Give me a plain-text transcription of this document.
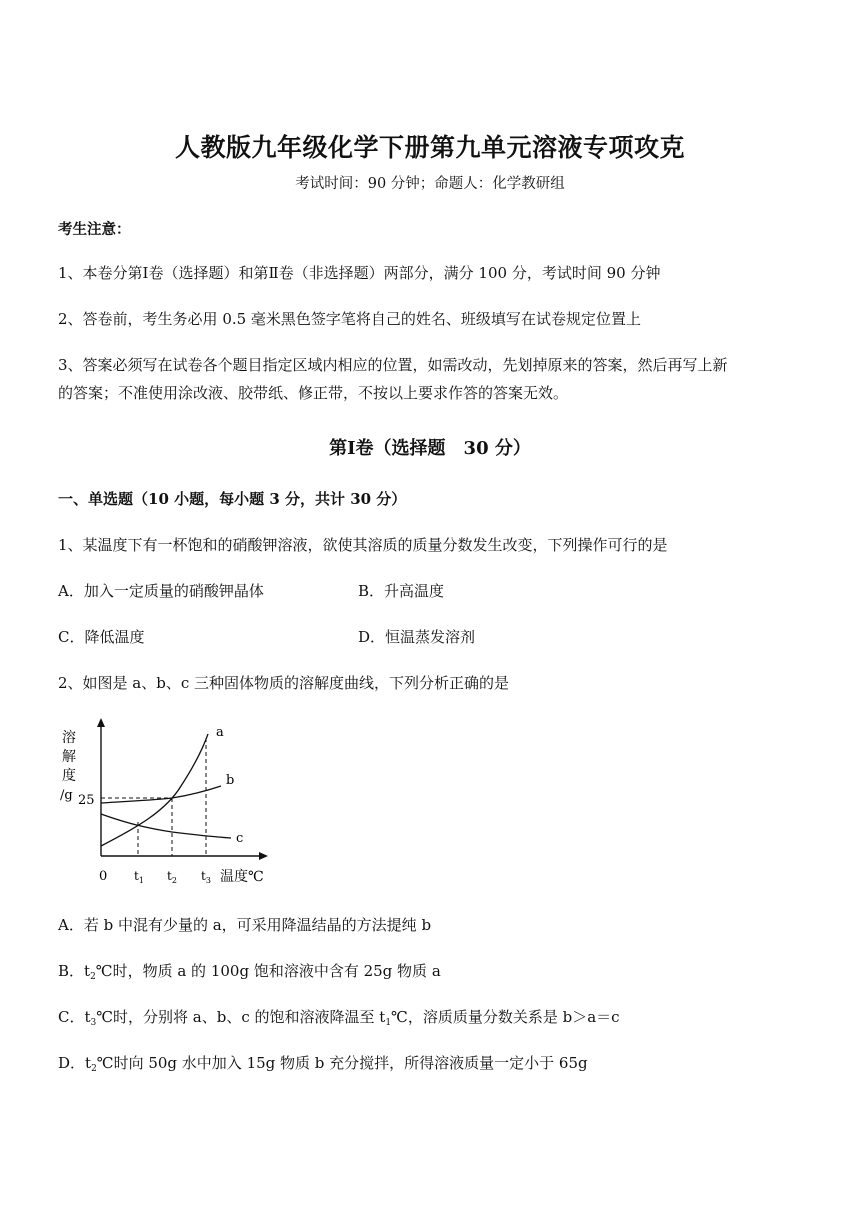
人教版九年级化学下册第九单元溶液专项攻克
考试时间：90 分钟；命题人：化学教研组
考生注意：
1、本卷分第Ⅰ卷（选择题）和第Ⅱ卷（非选择题）两部分，满分 100 分，考试时间 90 分钟
2、答卷前，考生务必用 0.5 毫米黑色签字笔将自己的姓名、班级填写在试卷规定位置上
3、答案必须写在试卷各个题目指定区域内相应的位置，如需改动，先划掉原来的答案，然后再写上新
的答案；不准使用涂改液、胶带纸、修正带，不按以上要求作答的答案无效。
第Ⅰ卷（选择题　30 分）
一、单选题（10 小题，每小题 3 分，共计 30 分）
1、某温度下有一杯饱和的硝酸钾溶液，欲使其溶质的质量分数发生改变，下列操作可行的是
A．加入一定质量的硝酸钾晶体	B．升高温度
C．降低温度	D．恒温蒸发溶剂
2、如图是 a、b、c 三种固体物质的溶解度曲线，下列分析正确的是
溶
解
度
/g 25
a
b
c
0 $t_1$ $t_2$ $t_3$ 温度℃
A．若 b 中混有少量的 a，可采用降温结晶的方法提纯 b
B．$t_2℃$时，物质 a 的 100g 饱和溶液中含有 25g 物质 a
C．$t_3℃$时，分别将 a、b、c 的饱和溶液降温至 $t_1℃$，溶质质量分数关系是 b＞a＝c
D．$t_2℃$时向 50g 水中加入 15g 物质 b 充分搅拌，所得溶液质量一定小于 65g
